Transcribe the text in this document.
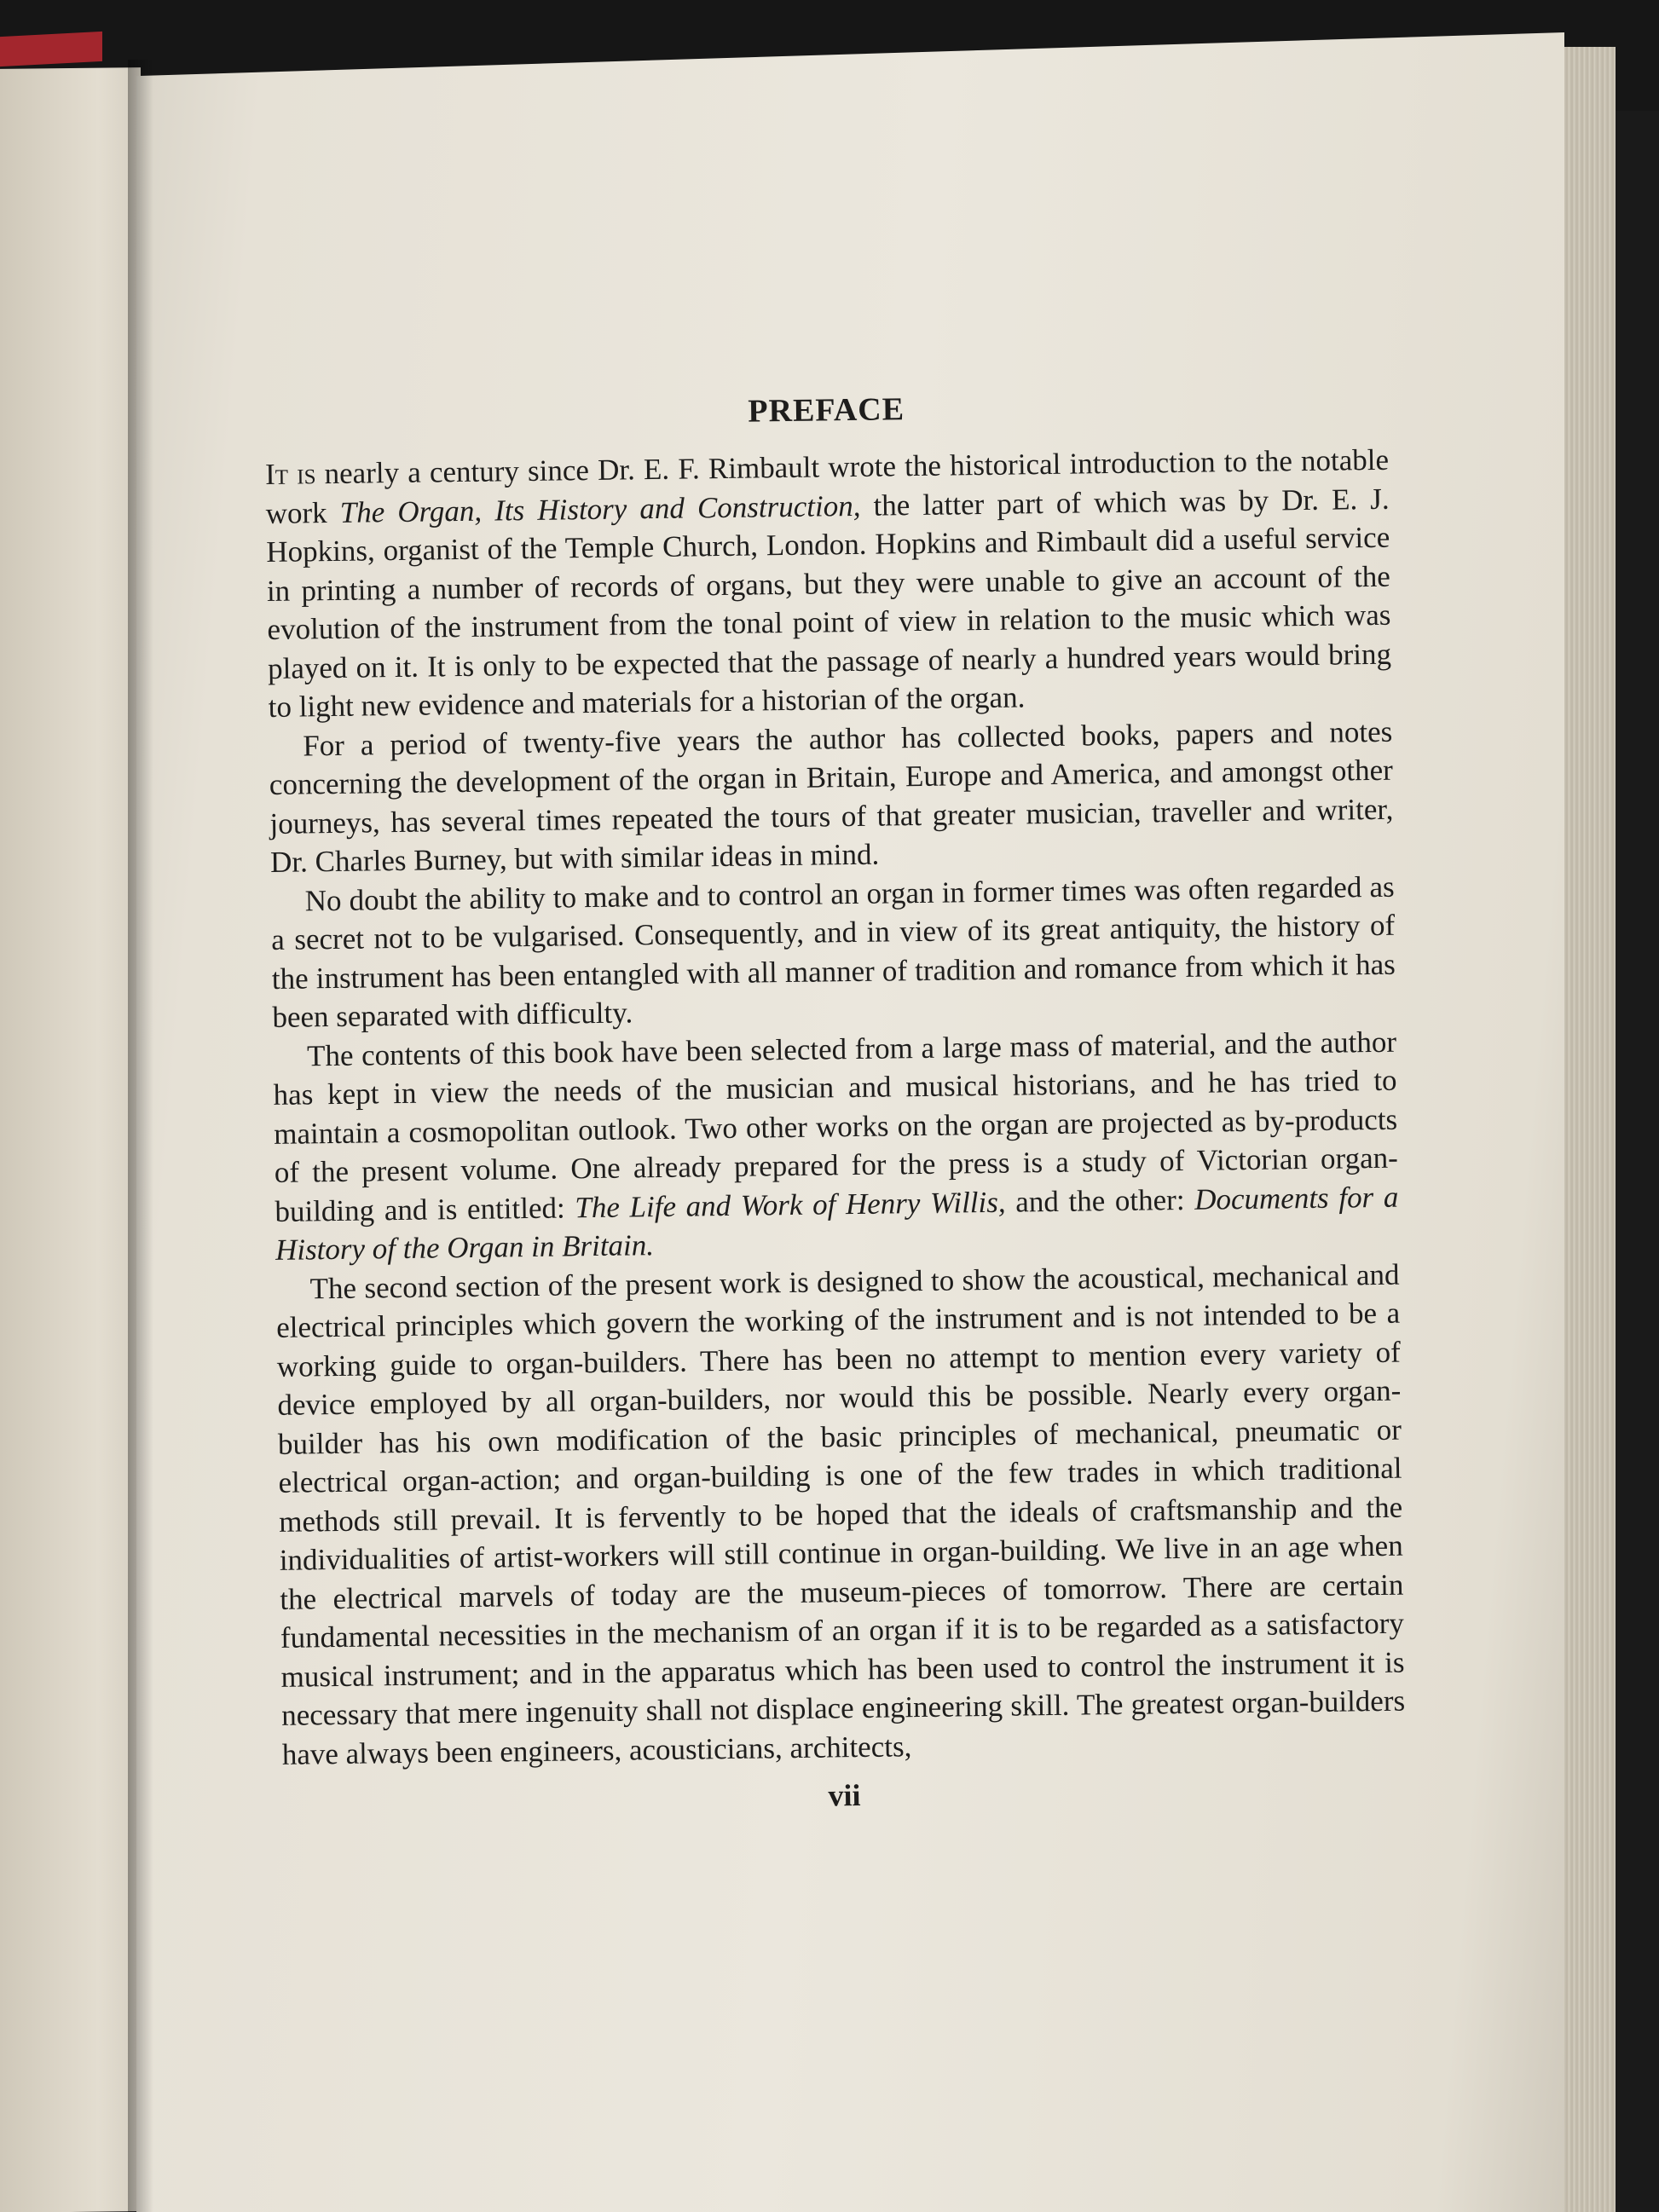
PREFACE

It is nearly a century since Dr. E. F. Rimbault wrote the historical introduction to the notable work The Organ, Its History and Construction, the latter part of which was by Dr. E. J. Hopkins, organist of the Temple Church, London. Hopkins and Rimbault did a useful service in printing a number of records of organs, but they were unable to give an account of the evolution of the instrument from the tonal point of view in relation to the music which was played on it. It is only to be expected that the passage of nearly a hundred years would bring to light new evidence and materials for a historian of the organ.

For a period of twenty-five years the author has collected books, papers and notes concerning the development of the organ in Britain, Europe and America, and amongst other journeys, has several times repeated the tours of that greater musician, traveller and writer, Dr. Charles Burney, but with similar ideas in mind.

No doubt the ability to make and to control an organ in former times was often regarded as a secret not to be vulgarised. Consequently, and in view of its great antiquity, the history of the instrument has been entangled with all manner of tradition and romance from which it has been separated with difficulty.

The contents of this book have been selected from a large mass of material, and the author has kept in view the needs of the musician and musical historians, and he has tried to maintain a cosmopolitan outlook. Two other works on the organ are projected as by-products of the present volume. One already prepared for the press is a study of Victorian organ-building and is entitled: The Life and Work of Henry Willis, and the other: Documents for a History of the Organ in Britain.

The second section of the present work is designed to show the acoustical, mechanical and electrical principles which govern the working of the instrument and is not intended to be a working guide to organ-builders. There has been no attempt to mention every variety of device employed by all organ-builders, nor would this be possible. Nearly every organ-builder has his own modification of the basic principles of mechanical, pneumatic or electrical organ-action; and organ-building is one of the few trades in which traditional methods still prevail. It is fervently to be hoped that the ideals of craftsmanship and the individualities of artist-workers will still continue in organ-building. We live in an age when the electrical marvels of today are the museum-pieces of tomorrow. There are certain fundamental necessities in the mechanism of an organ if it is to be regarded as a satisfactory musical instrument; and in the apparatus which has been used to control the instrument it is necessary that mere ingenuity shall not displace engineering skill. The greatest organ-builders have always been engineers, acousticians, architects,

vii
